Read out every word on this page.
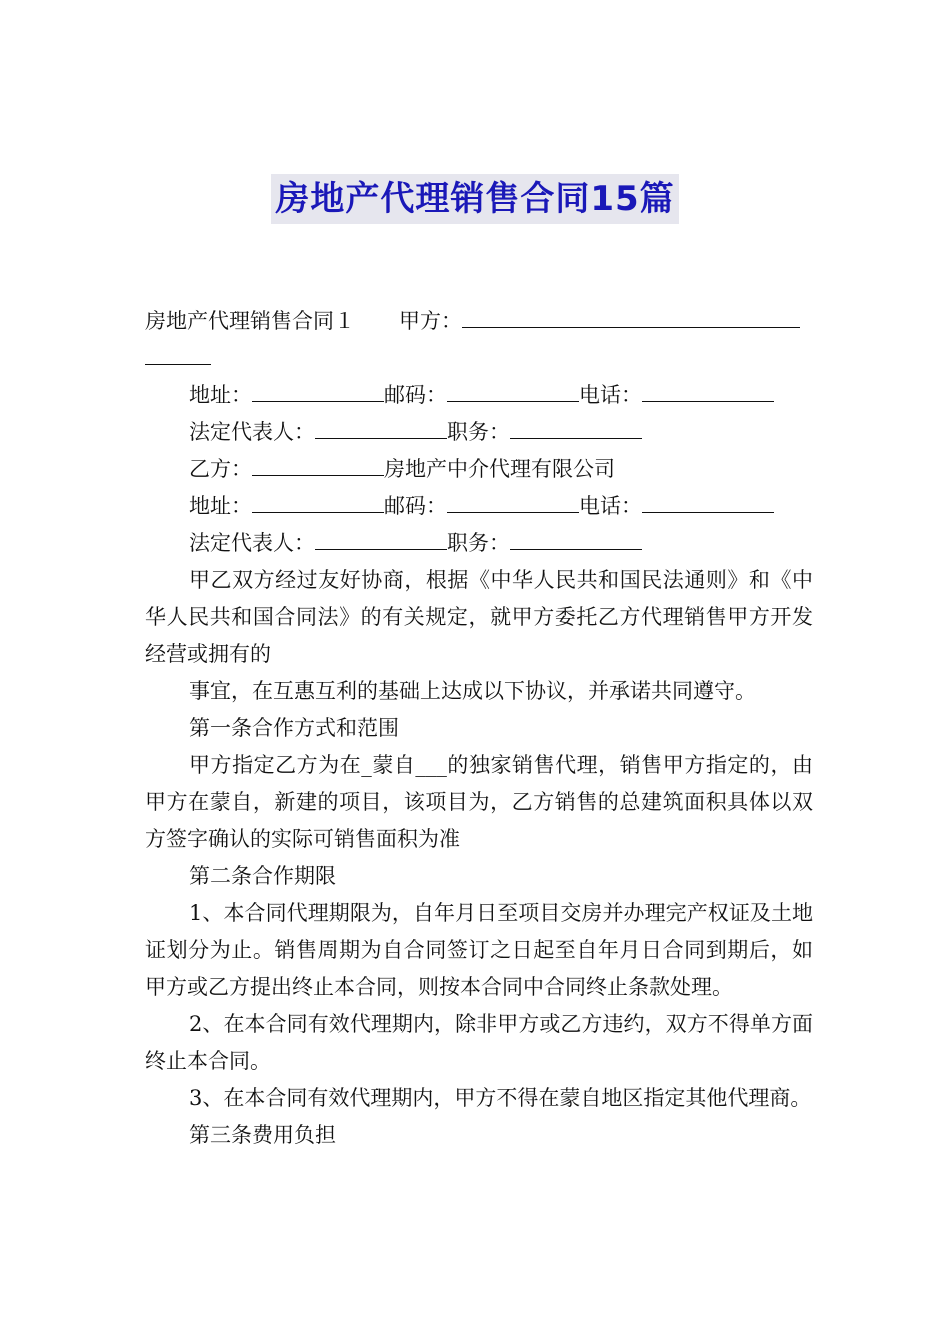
房地产代理销售合同15篇
房地产代理销售合同１ 甲方：
地址：	邮码：	电话：
法定代表人：	职务：
乙方：	房地产中介代理有限公司
地址：	邮码：	电话：
法定代表人：	职务：
甲乙双方经过友好协商，根据《中华人民共和国民法通则》和《中华人民共和国合同法》的有关规定，就甲方委托乙方代理销售甲方开发经营或拥有的
事宜，在互惠互利的基础上达成以下协议，并承诺共同遵守。
第一条合作方式和范围
甲方指定乙方为在_蒙自___的独家销售代理，销售甲方指定的，由甲方在蒙自，新建的项目，该项目为，乙方销售的总建筑面积具体以双方签字确认的实际可销售面积为准
第二条合作期限
1、本合同代理期限为，自年月日至项目交房并办理完产权证及土地证划分为止。销售周期为自合同签订之日起至自年月日合同到期后，如甲方或乙方提出终止本合同，则按本合同中合同终止条款处理。
2、在本合同有效代理期内，除非甲方或乙方违约，双方不得单方面终止本合同。
3、在本合同有效代理期内，甲方不得在蒙自地区指定其他代理商。
第三条费用负担
